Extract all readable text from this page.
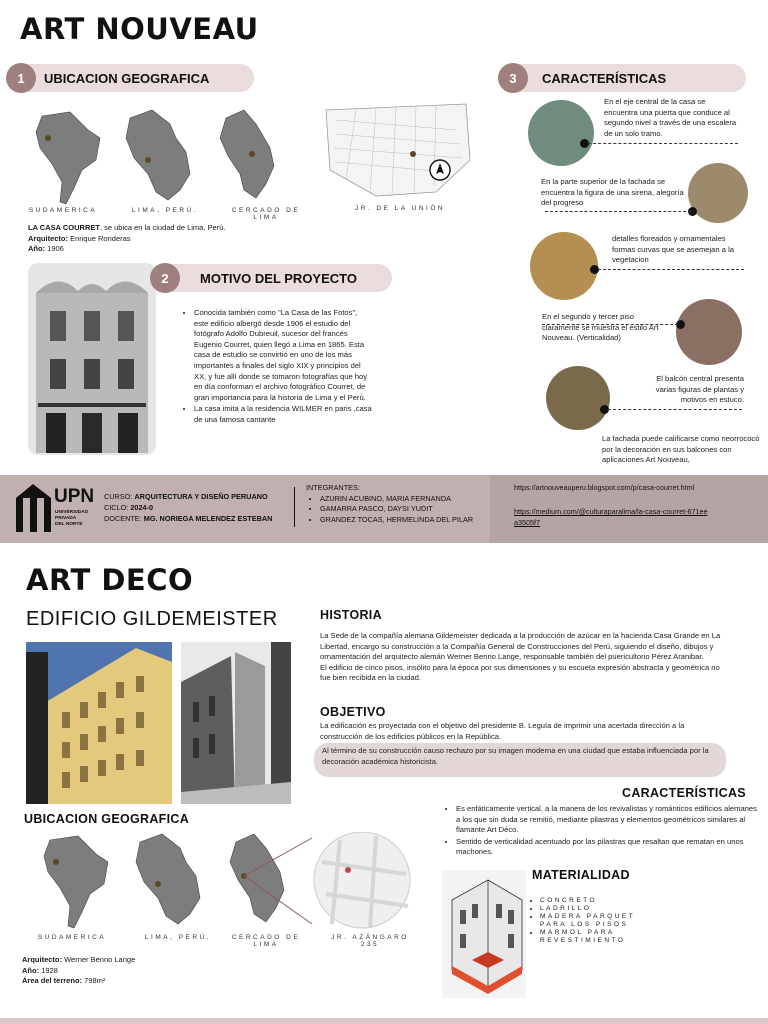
ART NOUVEAU
1	UBICACION GEOGRAFICA
SUDAMERICA	LIMA, PERÚ.	CERCADO DE LIMA
JR. DE LA UNIÓN
LA CASA COURRET, se ubica en la ciudad de Lima, Perú.
Arquitecto: Enrique Ronderas
Año: 1906
2	MOTIVO DEL PROYECTO
• Conocida también como "La Casa de las Fotos", este edificio albergó desde 1906 el estudio del fotógrafo Adolfo Dubreuil, sucesor del francés Eugenio Courret, quien llegó a Lima en 1865. Esta casa de estudio se convirtió en uno de los más importantes a finales del siglo XIX y principios del XX, y fue allí donde se tomaron fotografías que hoy en día conforman el archivo fotográfico Courret, de gran importancia para la historia de Lima y el Perú.
• La casa imita a la residencia WILMER en paris ,casa de una famosa cantante
3	CARACTERÍSTICAS
En el eje central de la casa se encuentra una puerta que conduce al segundo nivel a través de una escalera de un solo tramo.
En la parte superior de la fachada se encuentra la figura de una sirena, alegoría del progreso
detalles floreados y ornamentales formas curvas que se asemejan a la vegetacion
En el segundo y tercer piso claramente se muestra el estilo Art Nouveau. (Verticalidad)
El balcón central presenta varias figuras de plantas y motivos en estuco.
La fachada puede calificarse como neorrococó por la decoración en sus balcones con aplicaciones Art Nouveau,
UPN
UNIVERSIDAD
PRIVADA
DEL NORTE
CURSO: ARQUITECTURA Y DISEÑO PERUANO
CICLO: 2024-0
DOCENTE: MG. NORIEGA MELENDEZ ESTEBAN
INTEGRANTES:
• AZURIN ACUBINO, MARIA FERNANDA
• GAMARRA PASCO, DAYSI YUDIT
• GRANDEZ TOCAS, HERMELINDA DEL PILAR
https://artnouveauperu.blogspot.com/p/casa-courret.html
https://medium.com/@culturaparalima/la-casa-courret-671eea3505f7
ART DECO
EDIFICIO GILDEMEISTER	HISTORIA
La Sede de la compañía alemana Gildemeister dedicada a la producción de azúcar en la hacienda Casa Grande en La Libertad, encargo su construcción a la Compañía General de Construcciones del Perú, siguiendo el diseño, dibujos y ornamentación del arquitecto alemán Werner Benno Lange, responsable también del puericultorio Pérez Aranibar.
El edificio de cinco pisos, insólito para la época por sus dimensiones y su escueta expresión abstracta y geométrica no fue bien recibida en la ciudad.
OBJETIVO
La edificación es proyectada con el objetivo del presidente B. Leguía de imprimir una acertada dirección a la construcción de los edificios públicos en la República.
Al término de su construcción causo rechazo por su imagen moderna en una ciudad que estaba influenciada por la decoración académica historicista.
CARACTERÍSTICAS
• Es enfáticamente vertical, a la manera de los revivalistas y románticos edificios alemanes a los que sin duda se remitió, mediante pilastras y elementos geométricos similares al flamante Art Déco.
• Sentido de verticalidad acentuado por las pilastras que resaltan que rematan en unos machones.
UBICACION GEOGRAFICA
SUDAMERICA	LIMA, PERÚ.	CERCADO DE LIMA
JR. AZÁNGARO 235
Arquitecto: Werner Benno Lange
Año: 1928
Área del terreno: 798m²
MATERIALIDAD
• CONCRETO
• LADRILLO
• MADERA PARQUET PARA LOS PISOS
• MARMOL PARA REVESTIMIENTO
